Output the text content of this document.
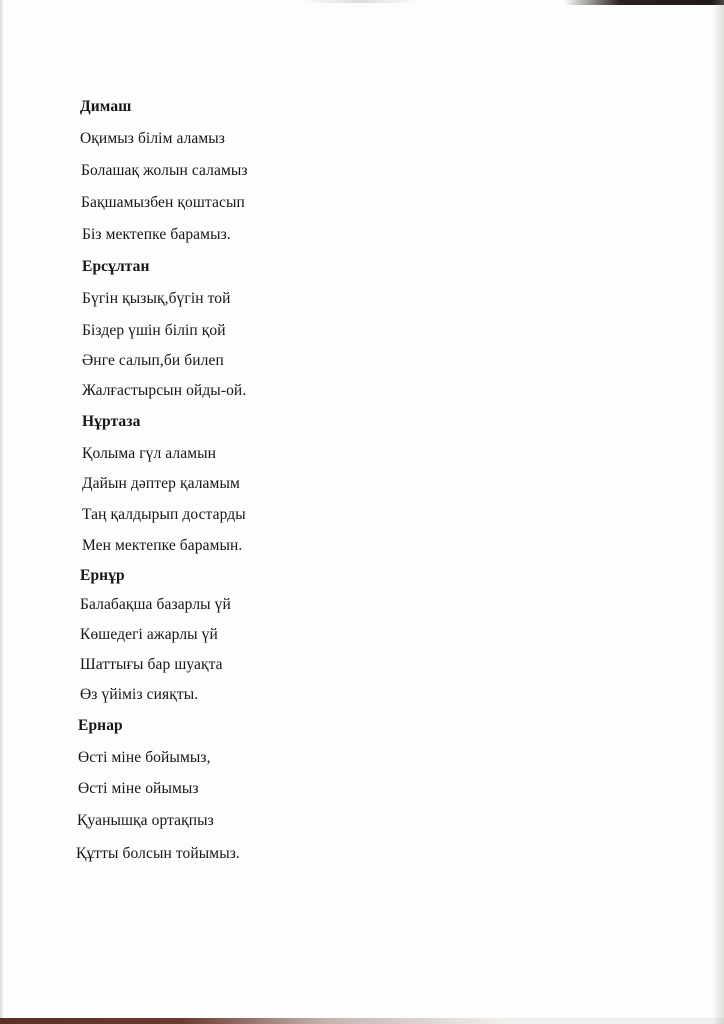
Димаш
Оқимыз білім аламыз
Болашақ жолын саламыз
Бақшамызбен қоштасып
Біз мектепке барамыз.
Ерсұлтан
Бүгін қызық,бүгін той
Біздер үшін біліп қой
Әнге салып,би билеп
Жалғастырсын ойды-ой.
Нұртаза
Қолыма гүл аламын
Дайын дәптер қаламым
Таң қалдырып достарды
Мен мектепке барамын.
Ернұр
Балабақша базарлы үй
Көшедегі ажарлы үй
Шаттығы бар шуақта
Өз үйіміз сияқты.
Ернар
Өсті міне бойымыз,
Өсті міне ойымыз
Қуанышқа ортақпыз
Құтты болсын тойымыз.
